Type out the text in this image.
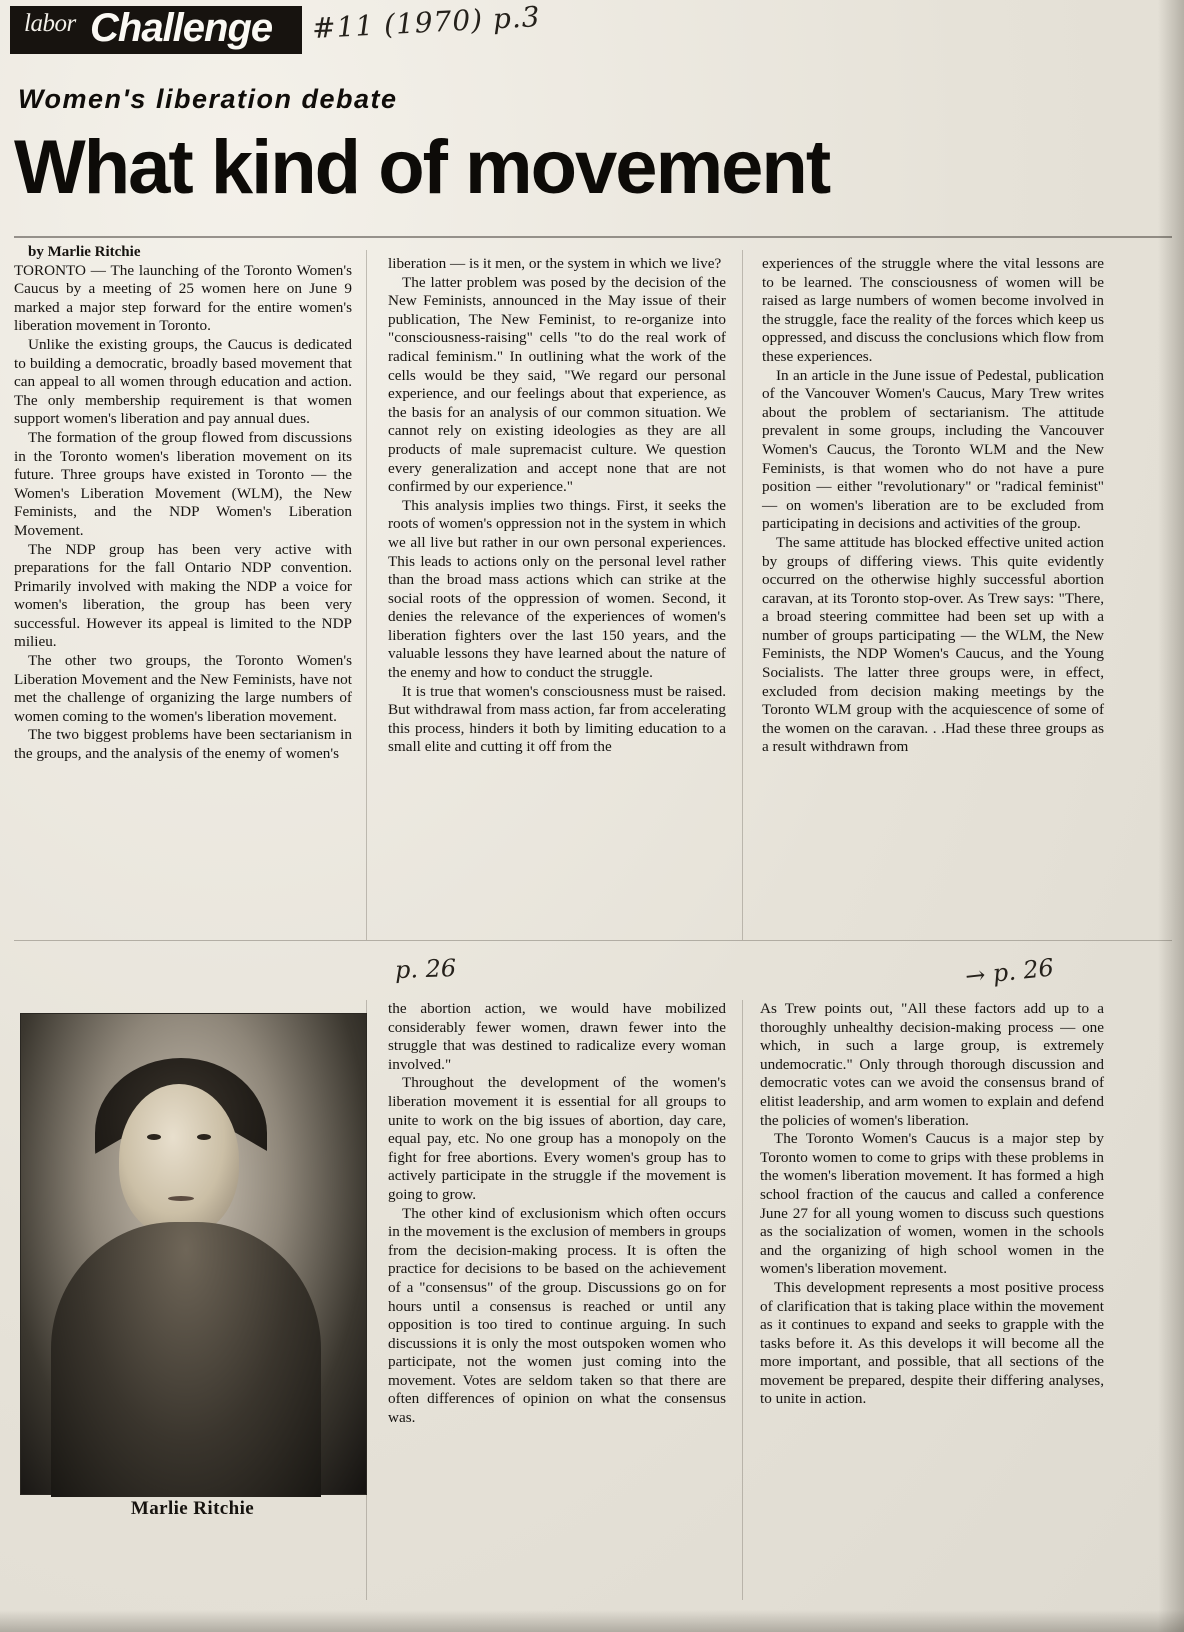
labor Challenge #11 (1970) p.3
Women's liberation debate
What kind of movement

by Marlie Ritchie

TORONTO — The launching of the Toronto Women's Caucus by a meeting of 25 women here on June 9 marked a major step forward for the entire women's liberation movement in Toronto.

Unlike the existing groups, the Caucus is dedicated to building a democratic, broadly based movement that can appeal to all women through education and action. The only membership requirement is that women support women's liberation and pay annual dues.

The formation of the group flowed from discussions in the Toronto women's liberation movement on its future. Three groups have existed in Toronto — the Women's Liberation Movement (WLM), the New Feminists, and the NDP Women's Liberation Movement.

The NDP group has been very active with preparations for the fall Ontario NDP convention. Primarily involved with making the NDP a voice for women's liberation, the group has been very successful. However its appeal is limited to the NDP milieu.

The other two groups, the Toronto Women's Liberation Movement and the New Feminists, have not met the challenge of organizing the large numbers of women coming to the women's liberation movement.

The two biggest problems have been sectarianism in the groups, and the analysis of the enemy of women's

liberation — is it men, or the system in which we live?

The latter problem was posed by the decision of the New Feminists, announced in the May issue of their publication, The New Feminist, to re-organize into "consciousness-raising" cells "to do the real work of radical feminism." In outlining what the work of the cells would be they said, "We regard our personal experience, and our feelings about that experience, as the basis for an analysis of our common situation. We cannot rely on existing ideologies as they are all products of male supremacist culture. We question every generalization and accept none that are not confirmed by our experience."

This analysis implies two things. First, it seeks the roots of women's oppression not in the system in which we all live but rather in our own personal experiences. This leads to actions only on the personal level rather than the broad mass actions which can strike at the social roots of the oppression of women. Second, it denies the relevance of the experiences of women's liberation fighters over the last 150 years, and the valuable lessons they have learned about the nature of the enemy and how to conduct the struggle.

It is true that women's consciousness must be raised. But withdrawal from mass action, far from accelerating this process, hinders it both by limiting education to a small elite and cutting it off from the

experiences of the struggle where the vital lessons are to be learned. The consciousness of women will be raised as large numbers of women become involved in the struggle, face the reality of the forces which keep us oppressed, and discuss the conclusions which flow from these experiences.

In an article in the June issue of Pedestal, publication of the Vancouver Women's Caucus, Mary Trew writes about the problem of sectarianism. The attitude prevalent in some groups, including the Vancouver Women's Caucus, the Toronto WLM and the New Feminists, is that women who do not have a pure position — either "revolutionary" or "radical feminist" — on women's liberation are to be excluded from participating in decisions and activities of the group.

The same attitude has blocked effective united action by groups of differing views. This quite evidently occurred on the otherwise highly successful abortion caravan, at its Toronto stop-over. As Trew says: "There, a broad steering committee had been set up with a number of groups participating — the WLM, the New Feminists, the NDP Women's Caucus, and the Young Socialists. The latter three groups were, in effect, excluded from decision making meetings by the Toronto WLM group with the acquiescence of some of the women on the caravan. . .Had these three groups as a result withdrawn from

p. 26	→ p. 26
Marlie Ritchie

the abortion action, we would have mobilized considerably fewer women, drawn fewer into the struggle that was destined to radicalize every woman involved."

Throughout the development of the women's liberation movement it is essential for all groups to unite to work on the big issues of abortion, day care, equal pay, etc. No one group has a monopoly on the fight for free abortions. Every women's group has to actively participate in the struggle if the movement is going to grow.

The other kind of exclusionism which often occurs in the movement is the exclusion of members in groups from the decision-making process. It is often the practice for decisions to be based on the achievement of a "consensus" of the group. Discussions go on for hours until a consensus is reached or until any opposition is too tired to continue arguing. In such discussions it is only the most outspoken women who participate, not the women just coming into the movement. Votes are seldom taken so that there are often differences of opinion on what the consensus was.

As Trew points out, "All these factors add up to a thoroughly unhealthy decision-making process — one which, in such a large group, is extremely undemocratic." Only through thorough discussion and democratic votes can we avoid the consensus brand of elitist leadership, and arm women to explain and defend the policies of women's liberation.

The Toronto Women's Caucus is a major step by Toronto women to come to grips with these problems in the women's liberation movement. It has formed a high school fraction of the caucus and called a conference June 27 for all young women to discuss such questions as the socialization of women, women in the schools and the organizing of high school women in the women's liberation movement.

This development represents a most positive process of clarification that is taking place within the movement as it continues to expand and seeks to grapple with the tasks before it. As this develops it will become all the more important, and possible, that all sections of the movement be prepared, despite their differing analyses, to unite in action.
